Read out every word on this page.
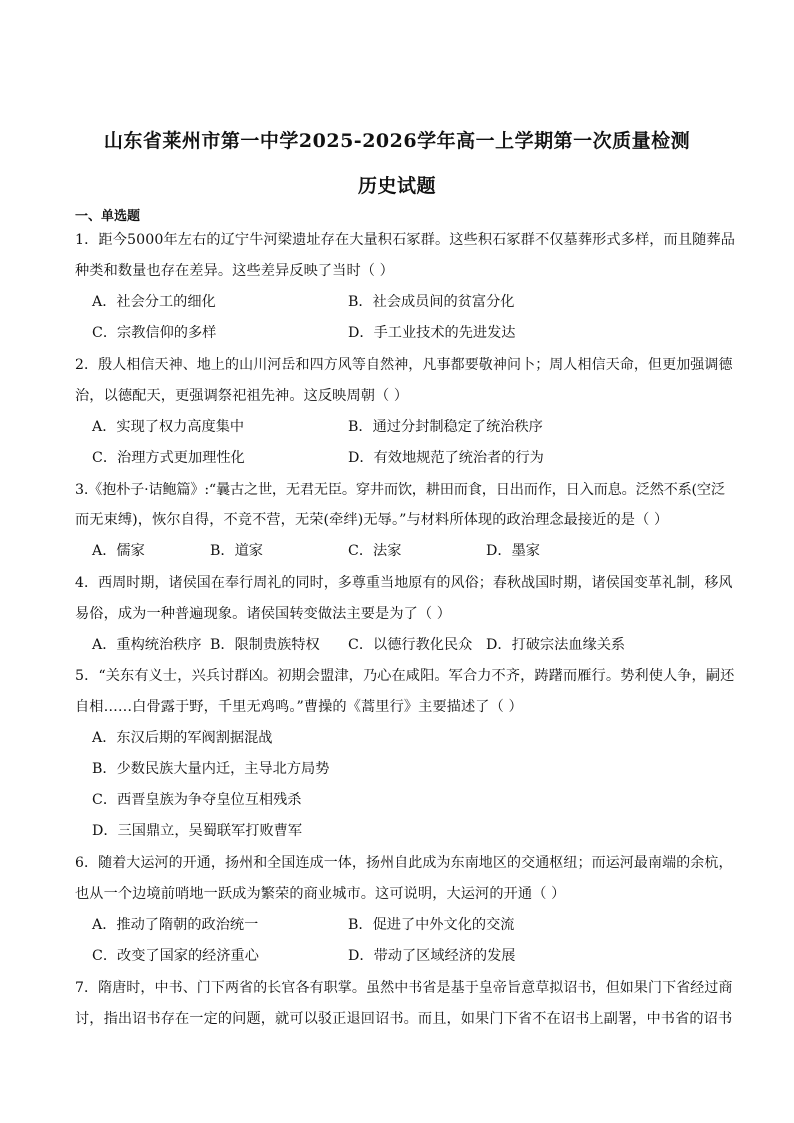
山东省莱州市第一中学2025-2026学年高一上学期第一次质量检测
历史试题
一、单选题
1．距今5000年左右的辽宁牛河梁遗址存在大量积石冢群。这些积石冢群不仅墓葬形式多样，而且随葬品
种类和数量也存在差异。这些差异反映了当时（ ）
A．社会分工的细化	B．社会成员间的贫富分化
C．宗教信仰的多样	D．手工业技术的先进发达
2．殷人相信天神、地上的山川河岳和四方风等自然神，凡事都要敬神问卜；周人相信天命，但更加强调德
治，以德配天，更强调祭祀祖先神。这反映周朝（ ）
A．实现了权力高度集中	B．通过分封制稳定了统治秩序
C．治理方式更加理性化	D．有效地规范了统治者的行为
3.《抱朴子·诘鲍篇》:“曩古之世，无君无臣。穿井而饮，耕田而食，日出而作，日入而息。泛然不系(空泛
而无束缚)，恢尔自得，不竞不营，无荣(牵绊)无辱。”与材料所体现的政治理念最接近的是（ ）
A．儒家	B．道家	C．法家	D．墨家
4．西周时期，诸侯国在奉行周礼的同时，多尊重当地原有的风俗；春秋战国时期，诸侯国变革礼制，移风
易俗，成为一种普遍现象。诸侯国转变做法主要是为了（ ）
A．重构统治秩序 B．限制贵族特权 C．以德行教化民众 D．打破宗法血缘关系
5．“关东有义士，兴兵讨群凶。初期会盟津，乃心在咸阳。军合力不齐，踌躇而雁行。势利使人争，嗣还
自相……白骨露于野，千里无鸡鸣。”曹操的《蒿里行》主要描述了（ ）
A．东汉后期的军阀割据混战
B．少数民族大量内迁，主导北方局势
C．西晋皇族为争夺皇位互相残杀
D．三国鼎立，吴蜀联军打败曹军
6．随着大运河的开通，扬州和全国连成一体，扬州自此成为东南地区的交通枢纽；而运河最南端的余杭，
也从一个边境前哨地一跃成为繁荣的商业城市。这可说明，大运河的开通（ ）
A．推动了隋朝的政治统一	B．促进了中外文化的交流
C．改变了国家的经济重心	D．带动了区域经济的发展
7．隋唐时，中书、门下两省的长官各有职掌。虽然中书省是基于皇帝旨意草拟诏书，但如果门下省经过商
讨，指出诏书存在一定的问题，就可以驳正退回诏书。而且，如果门下省不在诏书上副署，中书省的诏书
